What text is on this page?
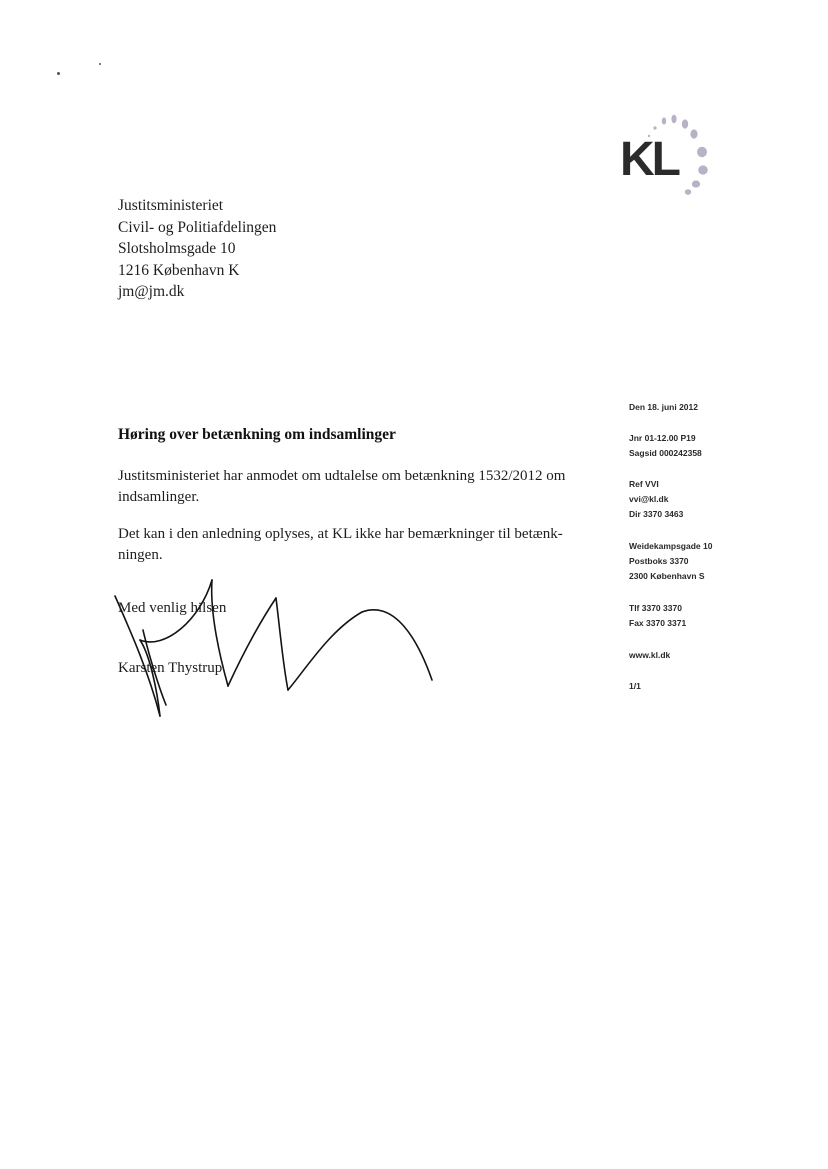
KL
Justitsministeriet
Civil- og Politiafdelingen
Slotsholmsgade 10
1216 København K
jm@jm.dk
Den 18. juni 2012
Jnr 01-12.00 P19
Sagsid 000242358
Ref VVI
vvi@kl.dk
Dir 3370 3463
Weidekampsgade 10
Postboks 3370
2300 København S
Tlf 3370 3370
Fax 3370 3371
www.kl.dk
1/1
Høring over betænkning om indsamlinger
Justitsministeriet har anmodet om udtalelse om betænkning 1532/2012 om
indsamlinger.
Det kan i den anledning oplyses, at KL ikke har bemærkninger til betænk-
ningen.
Med venlig hilsen
Karsten Thystrup
